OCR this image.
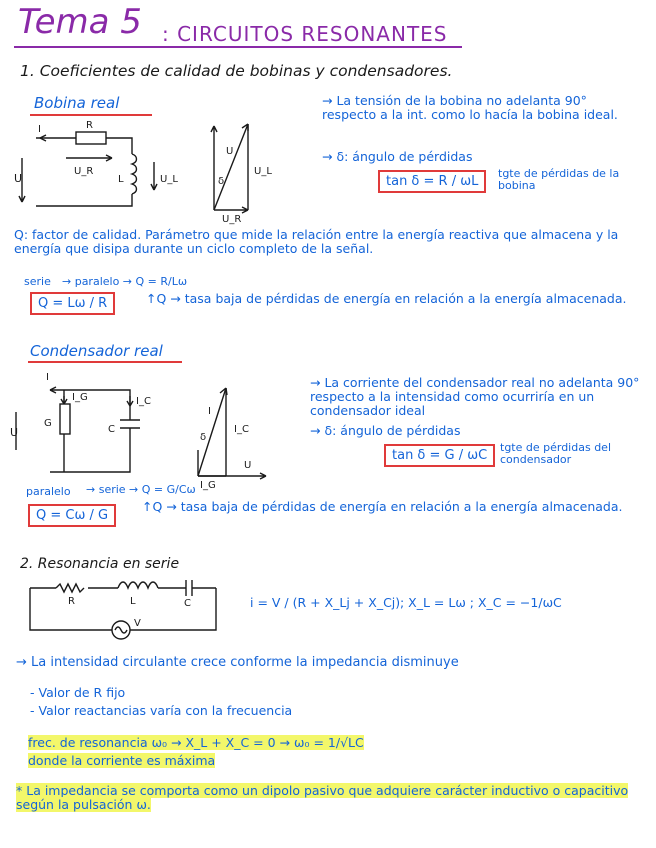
Tema 5 : CIRCUITOS RESONANTES
1. Coeficientes de calidad de bobinas y condensadores.
Bobina real
I	R
U_R
U	L	U_L
U
δ
U_L
U_R
→ La tensión de la bobina no adelanta 90° respecto a la int. como lo hacía la bobina ideal.
→ δ: ángulo de pérdidas
tan δ = R / ωL
tgte de pérdidas de la bobina
Q: factor de calidad. Parámetro que mide la relación entre la energía reactiva que almacena y la energía que disipa durante un ciclo completo de la señal.
serie → paralelo → Q = R/Lω
Q = Lω / R	↑Q → tasa baja de pérdidas de energía en relación a la energía almacenada.
Condensador real
I
I_G	I_C
U
G
C
I
δ
I_C
U
I_G
→ La corriente del condensador real no adelanta 90° respecto a la intensidad como ocurriría en un condensador ideal
→ δ: ángulo de pérdidas
tan δ = G / ωC
tgte de pérdidas del condensador
paralelo → serie → Q = G/Cω
Q = Cω / G
↑Q → tasa baja de pérdidas de energía en relación a la energía almacenada.
2. Resonancia en serie
R	L	C
V
i = V / (R + X_Lj + X_Cj) ; X_L = Lω ; X_C = −1/ωC
→ La intensidad circulante crece conforme la impedancia disminuye
- Valor de R fijo
- Valor reactancias varía con la frecuencia
frec. de resonancia ω₀ → X_L + X_C = 0 → ω₀ = 1/√LC
donde la corriente es máxima
* La impedancia se comporta como un dipolo pasivo que adquiere carácter inductivo o capacitivo según la pulsación ω.
